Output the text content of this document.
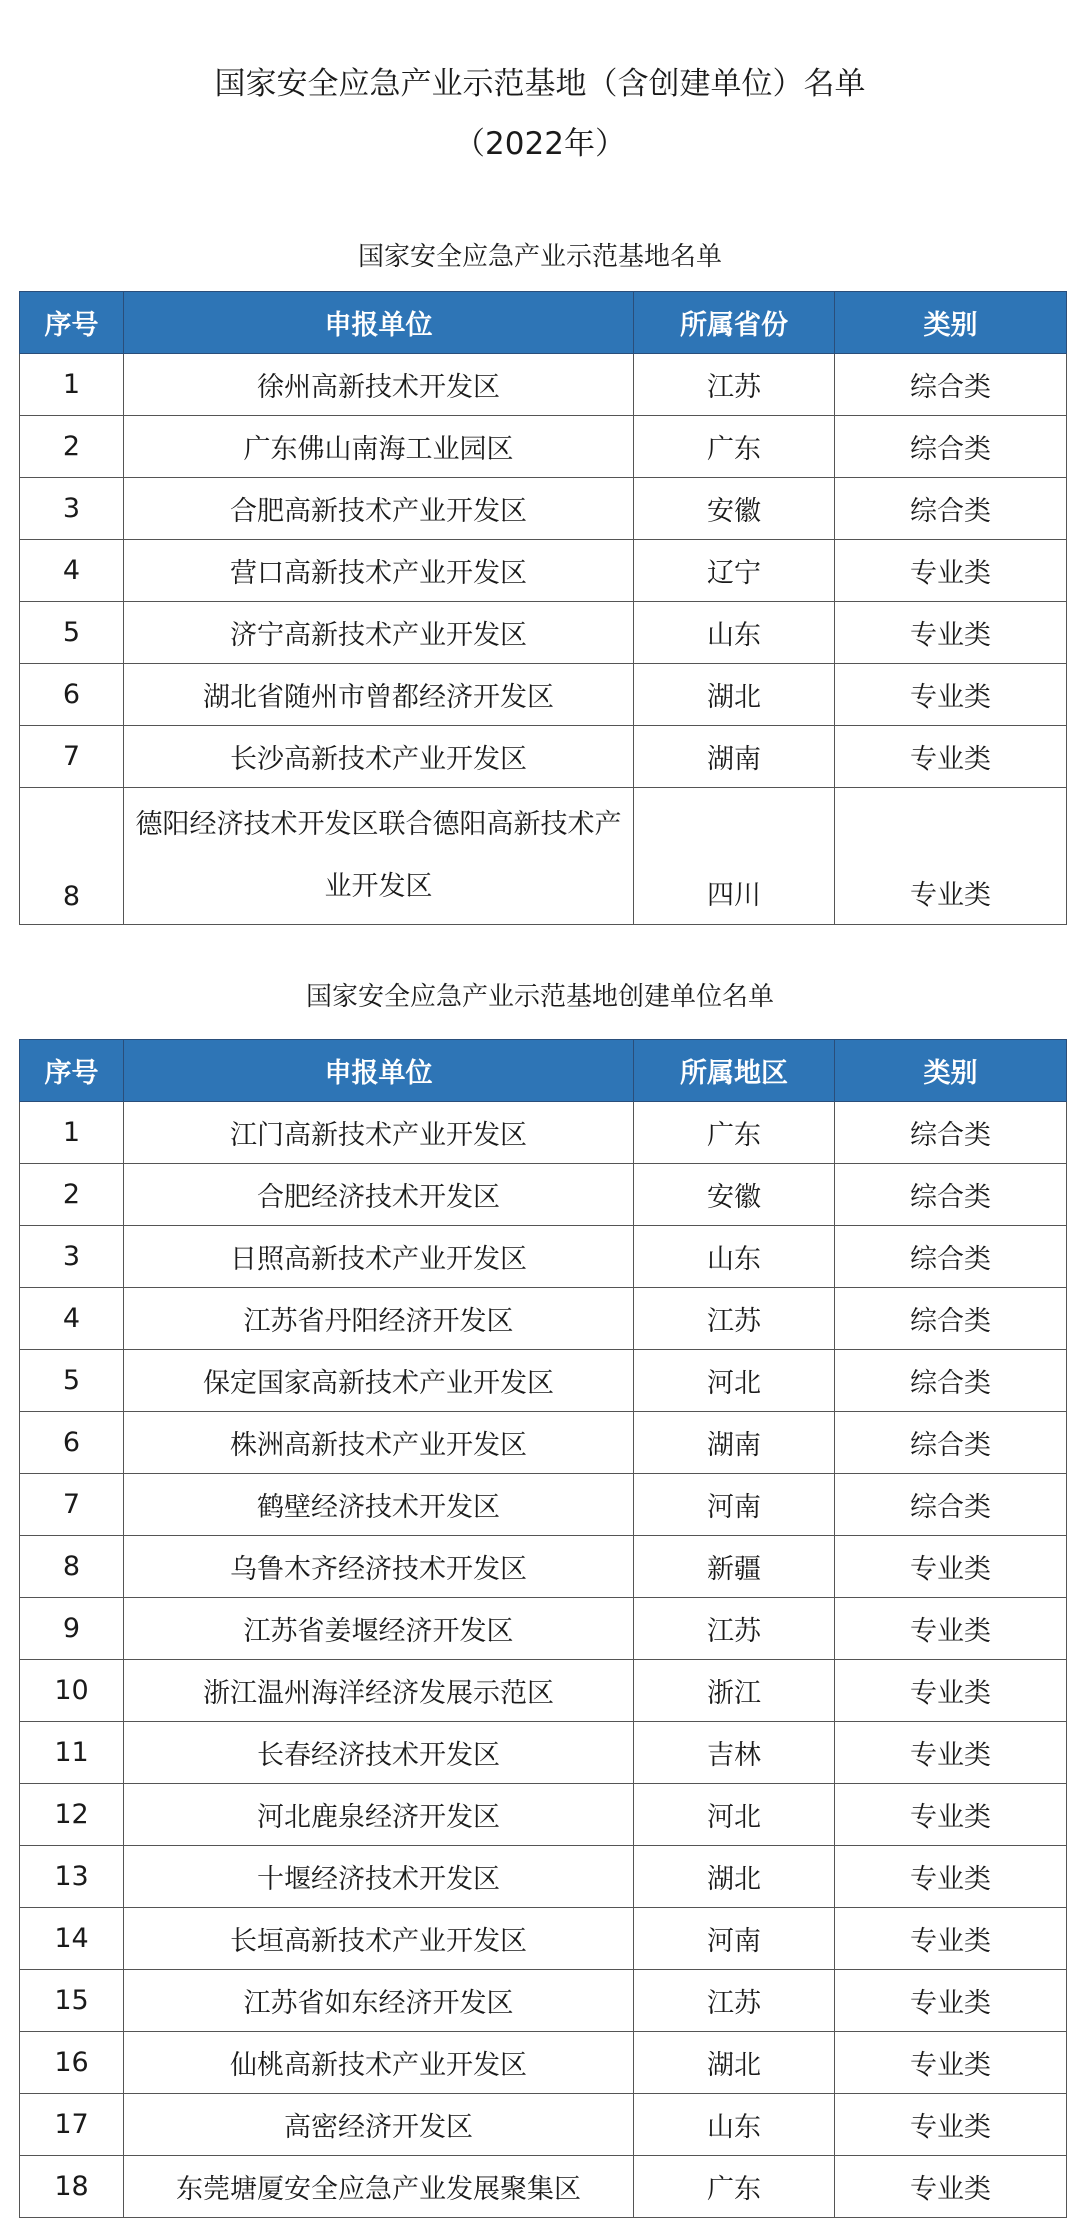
国家安全应急产业示范基地（含创建单位）名单
（2022年）
国家安全应急产业示范基地名单
序号	申报单位	所属省份	类别
1	徐州高新技术开发区	江苏	综合类
2	广东佛山南海工业园区	广东	综合类
3	合肥高新技术产业开发区	安徽	综合类
4	营口高新技术产业开发区	辽宁	专业类
5	济宁高新技术产业开发区	山东	专业类
6	湖北省随州市曾都经济开发区	湖北	专业类
7	长沙高新技术产业开发区	湖南	专业类
8	德阳经济技术开发区联合德阳高新技术产业开发区	四川	专业类
国家安全应急产业示范基地创建单位名单
序号	申报单位	所属地区	类别
1	江门高新技术产业开发区	广东	综合类
2	合肥经济技术开发区	安徽	综合类
3	日照高新技术产业开发区	山东	综合类
4	江苏省丹阳经济开发区	江苏	综合类
5	保定国家高新技术产业开发区	河北	综合类
6	株洲高新技术产业开发区	湖南	综合类
7	鹤壁经济技术开发区	河南	综合类
8	乌鲁木齐经济技术开发区	新疆	专业类
9	江苏省姜堰经济开发区	江苏	专业类
10	浙江温州海洋经济发展示范区	浙江	专业类
11	长春经济技术开发区	吉林	专业类
12	河北鹿泉经济开发区	河北	专业类
13	十堰经济技术开发区	湖北	专业类
14	长垣高新技术产业开发区	河南	专业类
15	江苏省如东经济开发区	江苏	专业类
16	仙桃高新技术产业开发区	湖北	专业类
17	高密经济开发区	山东	专业类
18	东莞塘厦安全应急产业发展聚集区	广东	专业类
